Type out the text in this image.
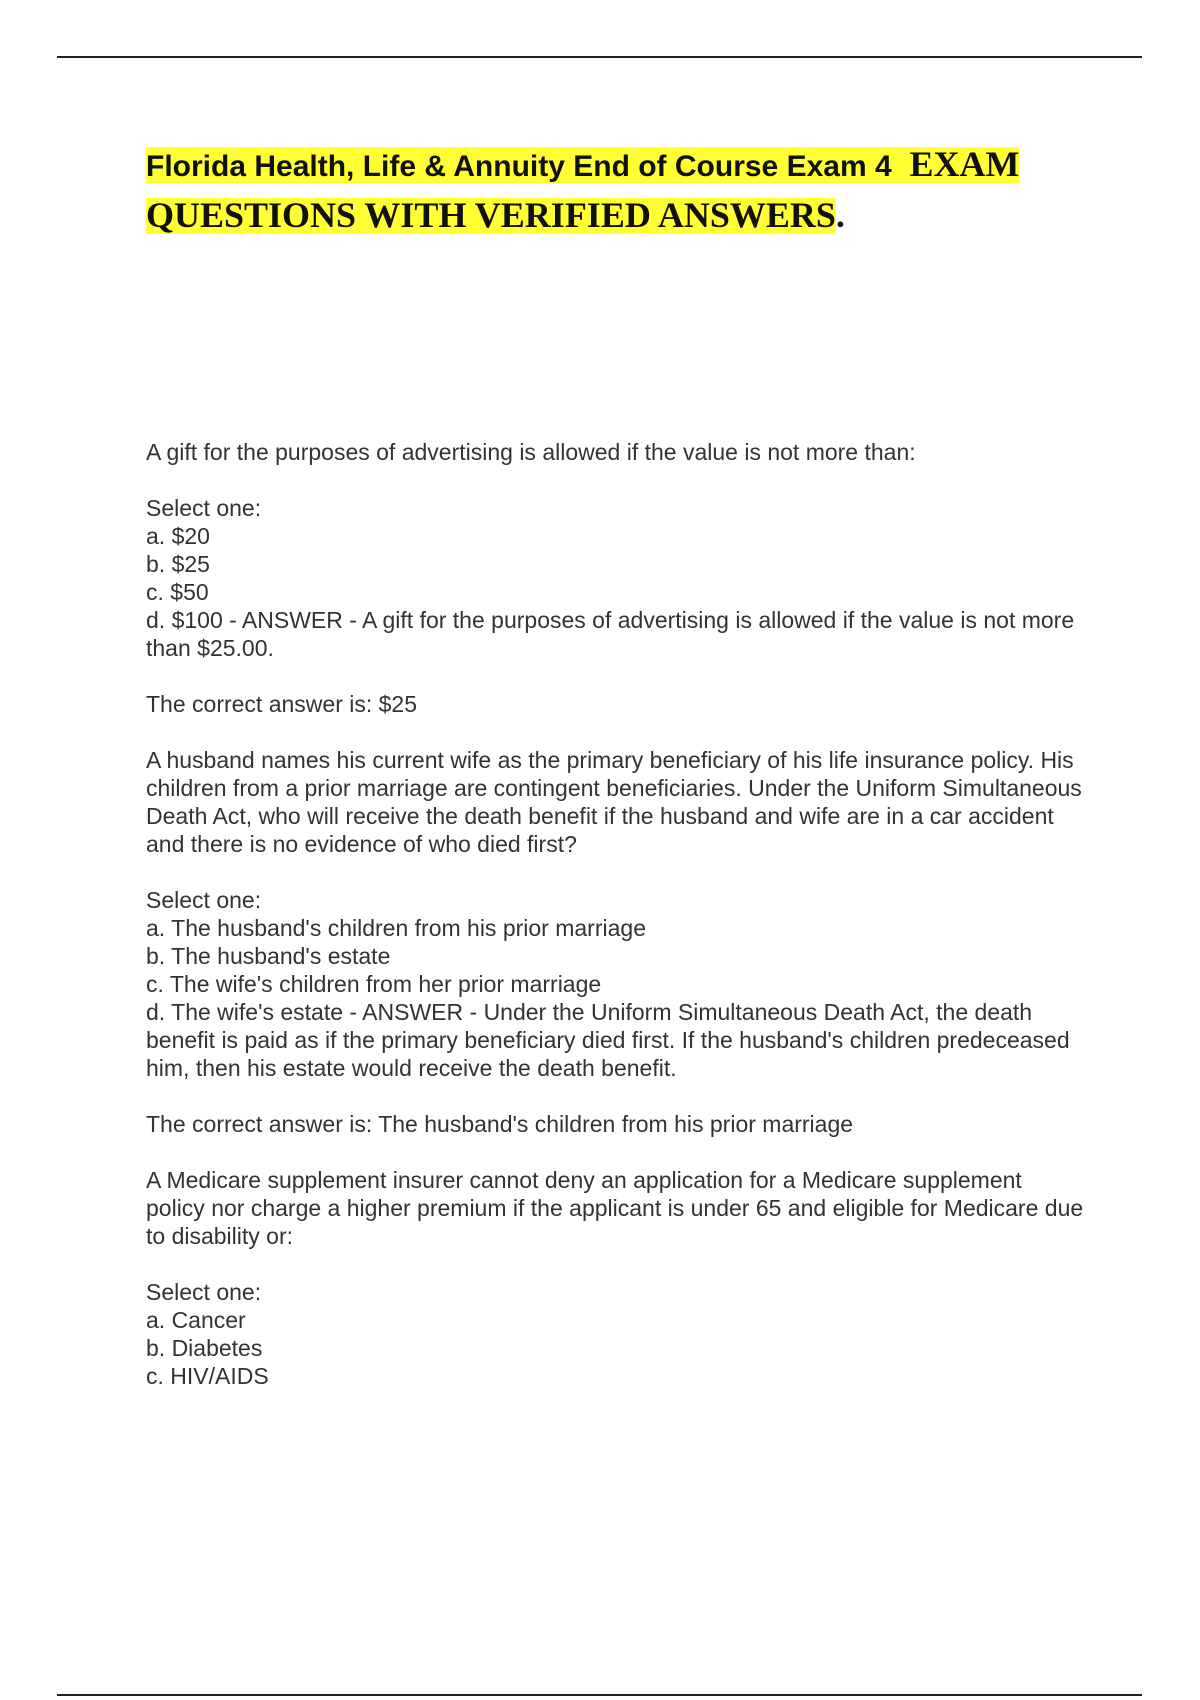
Florida Health, Life & Annuity End of Course Exam 4 EXAM QUESTIONS WITH VERIFIED ANSWERS.

A gift for the purposes of advertising is allowed if the value is not more than:

Select one:
a. $20
b. $25
c. $50
d. $100 - ANSWER - A gift for the purposes of advertising is allowed if the value is not more than $25.00.

The correct answer is: $25

A husband names his current wife as the primary beneficiary of his life insurance policy. His children from a prior marriage are contingent beneficiaries. Under the Uniform Simultaneous Death Act, who will receive the death benefit if the husband and wife are in a car accident and there is no evidence of who died first?

Select one:
a. The husband's children from his prior marriage
b. The husband's estate
c. The wife's children from her prior marriage
d. The wife's estate - ANSWER - Under the Uniform Simultaneous Death Act, the death benefit is paid as if the primary beneficiary died first. If the husband's children predeceased him, then his estate would receive the death benefit.

The correct answer is: The husband's children from his prior marriage

A Medicare supplement insurer cannot deny an application for a Medicare supplement policy nor charge a higher premium if the applicant is under 65 and eligible for Medicare due to disability or:

Select one:
a. Cancer
b. Diabetes
c. HIV/AIDS
